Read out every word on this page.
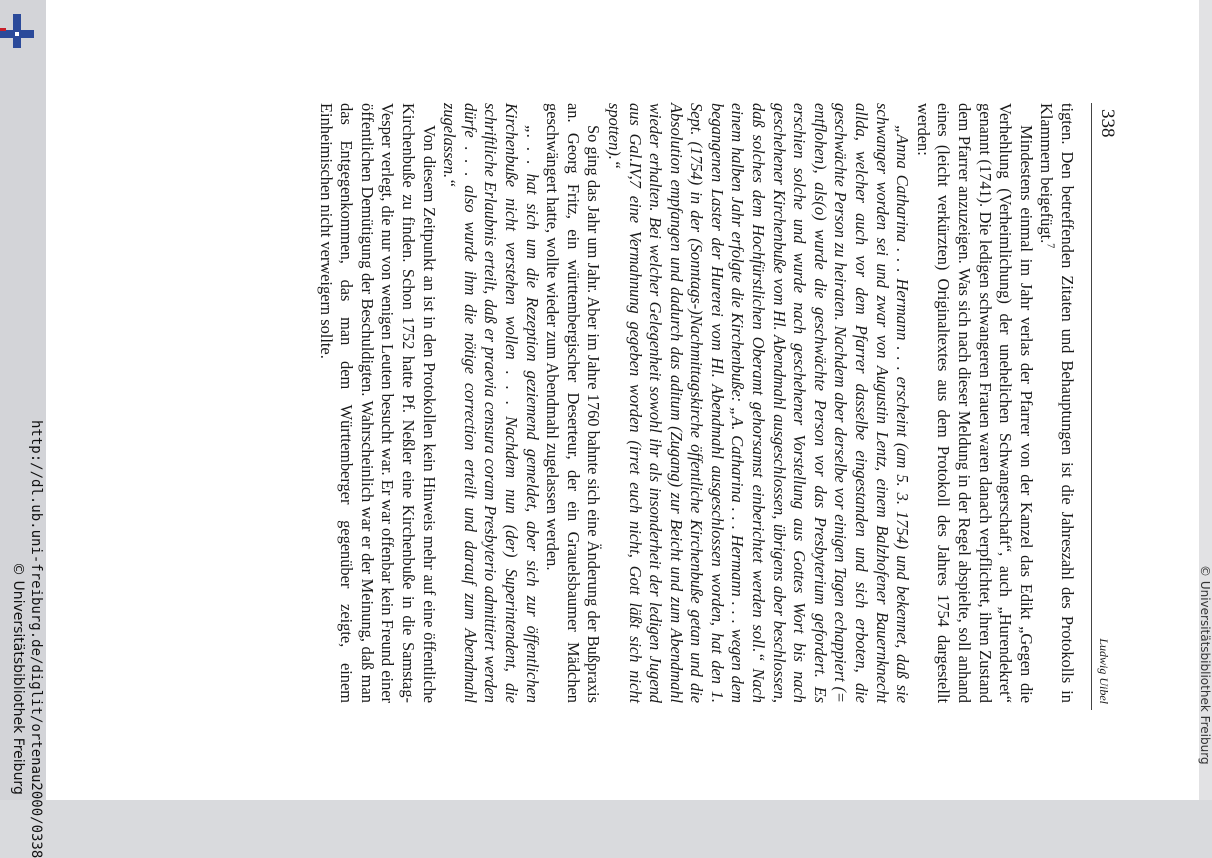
338
Ludwig Uibel

tigten. Den betreffenden Zitaten und Behauptungen ist die Jahreszahl des Protokolls in Klammern beigefügt.$^7$

Mindestens einmal im Jahr verlas der Pfarrer von der Kanzel das Edikt „Gegen die Verhehlung (Verheimlichung) der unehelichen Schwangerschaft“, auch „Hurendekret“ genannt (1741). Die ledigen schwangeren Frauen waren danach verpflichtet, ihren Zustand dem Pfarrer anzuzeigen. Was sich nach dieser Meldung in der Regel abspielte, soll anhand eines (leicht verkürzten) Originaltextes aus dem Protokoll des Jahres 1754 dargestellt werden:

„Anna Catharina . . . Hermann . . . erscheint (am 5. 3. 1754) und bekennet, daß sie schwanger worden sei und zwar von Augustin Lentz, einem Balzhofener Bauernknecht allda, welcher auch vor dem Pfarrer dasselbe eingestanden und sich erboten, die geschwächte Person zu heiraten. Nachdem aber derselbe vor einigen Tagen echappiert (= entflohen), als(o) wurde die geschwächte Person vor das Presbyterium gefordert. Es erschien solche und wurde nach geschehener Vorstellung aus Gottes Wort bis nach geschehener Kirchenbuße vom Hl. Abendmahl ausgeschlossen, übrigens aber beschlossen, daß solches dem Hochfürstlichen Oberamt gehorsamst einberichtet werden soll.“ Nach einem halben Jahr erfolgte die Kirchenbuße: „A. Catharina . . . Hermann . . . wegen dem begangenen Laster der Hurerei vom Hl. Abendmahl ausgeschlossen worden, hat den 1. Sept. (1754) in der (Sonntags-)Nachmittagskirche öffentliche Kirchenbuße getan und die Absolution empfangen und dadurch das aditum (Zugang) zur Beicht und zum Abendmahl wieder erhalten. Bei welcher Gelegenheit sowohl ihr als insonderheit der ledigen Jugend aus Gal.IV,7 eine Vermahnung gegeben worden (irret euch nicht, Gott läßt sich nicht spotten).“

So ging das Jahr um Jahr. Aber im Jahre 1760 bahnte sich eine Änderung der Bußpraxis an. Georg Fritz, ein württembergischer Deserteur, der ein Grauelsbaumer Mädchen geschwängert hatte, wollte wieder zum Abendmahl zugelassen werden.

„. . . hat sich um die Rezeption geziemend gemeldet, aber sich zur öffentlichen Kirchenbuße nicht verstehen wollen . . . Nachdem nun (der) Superintendent, die schriftliche Erlaubnis erteilt, daß er praevia censura coram Presbyterio admittiert werden dürfe . . . also wurde ihm die nötige correction erteilt und darauf zum Abendmahl zugelassen.“

Von diesem Zeitpunkt an ist in den Protokollen kein Hinweis mehr auf eine öffentliche Kirchenbuße zu finden. Schon 1752 hatte Pf. Neßler eine Kirchenbuße in die Samstag-Vesper verlegt, die nur von wenigen Leuten besucht war. Er war offenbar kein Freund einer öffentlichen Demütigung der Beschuldigten. Wahrscheinlich war er der Meinung, daß man das Entgegenkommen, das man dem Württemberger gegenüber zeigte, einem Einheimischen nicht verweigern sollte.

http://dl.ub.uni-freiburg.de/diglit/ortenau2000/0338
© Universitätsbibliothek Freiburg	© Universitätsbibliothek Freiburg
